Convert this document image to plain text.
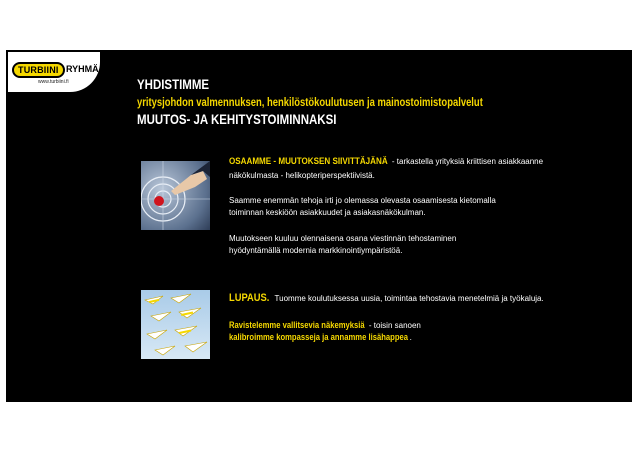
TURBIINI RYHMÄ
www.turbiini.fi	YHDISTIMME
yritysjohdon valmennuksen, henkilöstökoulutusen ja mainostoimistopalvelut
MUUTOS- JA KEHITYSTOIMINNAKSI
OSAAMME - MUUTOKSEN SIIVITTÄJÄNÄ - tarkastella yrityksiä kriittisen asiakkaanne
näkökulmasta - helikopteriperspektiivistä.
Saamme enemmän tehoja irti jo olemassa olevasta osaamisesta kietomalla
toiminnan keskiöön asiakkuudet ja asiakasnäkökulman.
Muutokseen kuuluu olennaisena osana viestinnän tehostaminen
hyödyntämällä modernia markkinointiympäristöä.
LUPAUS. Tuomme koulutuksessa uusia, toimintaa tehostavia menetelmiä ja työkaluja.
Ravistelemme vallitsevia näkemyksiä - toisin sanoen
kalibroimme kompasseja ja annamme lisähappea .
